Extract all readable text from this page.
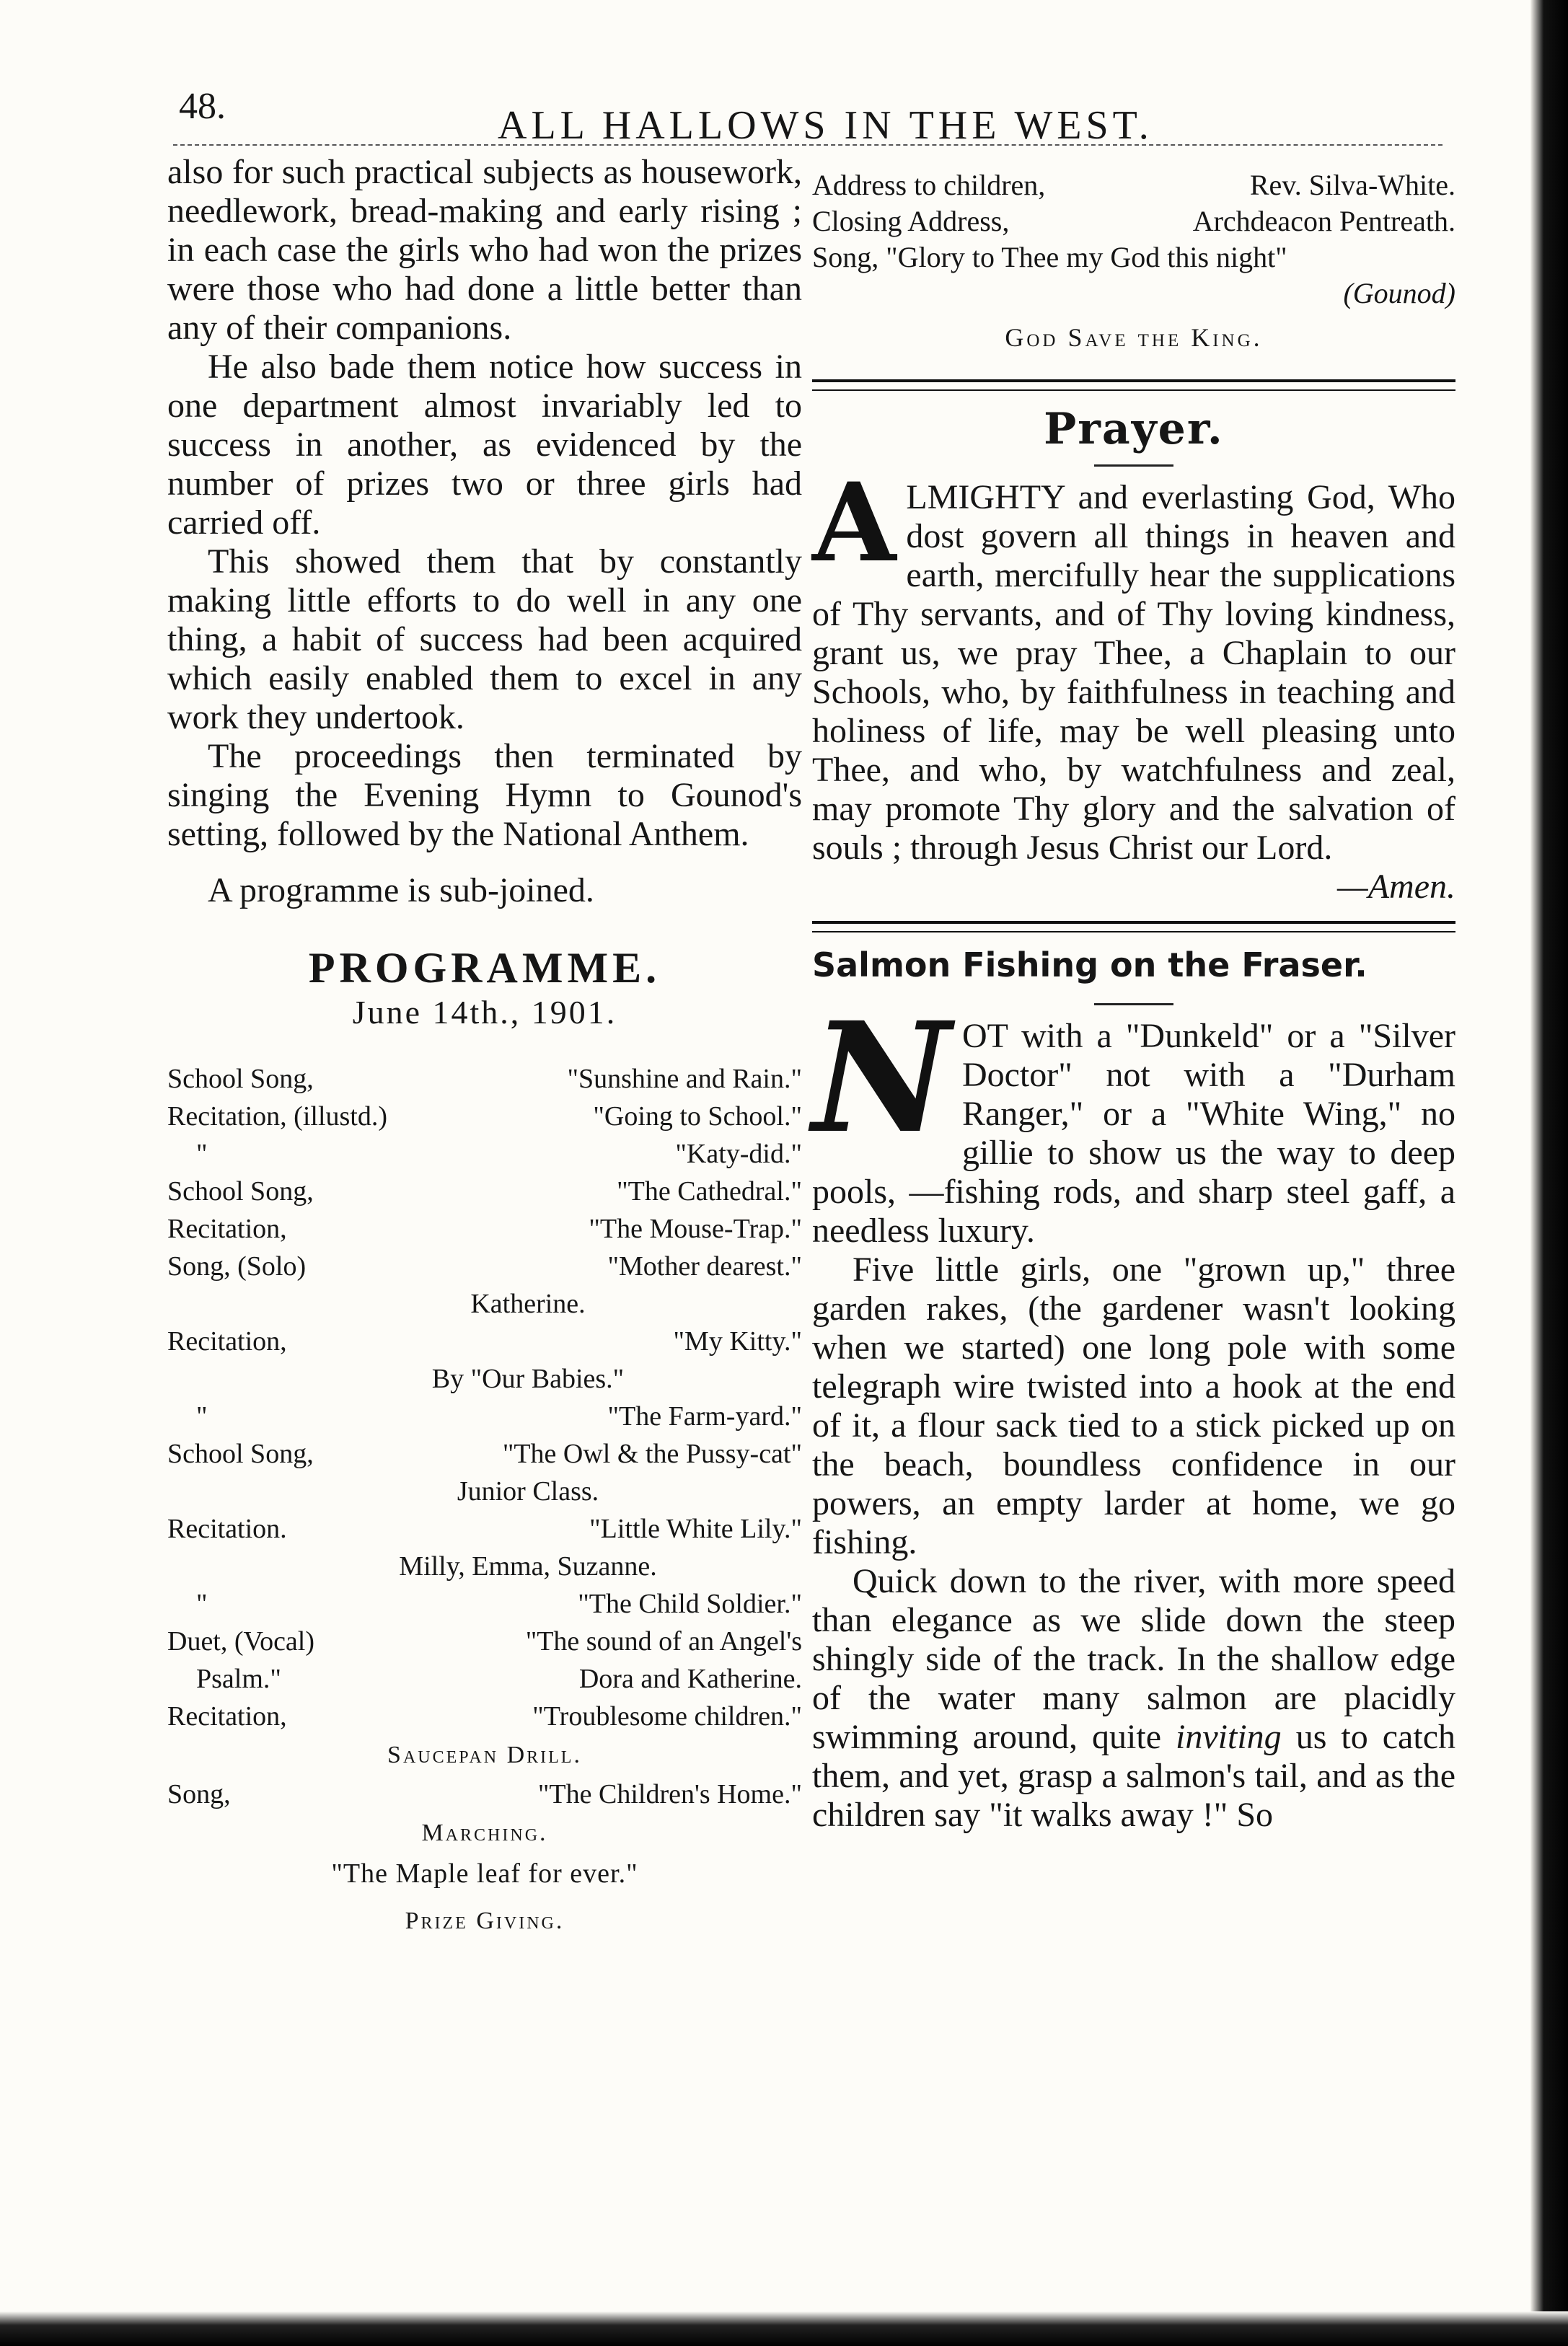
48.	ALL HALLOWS IN THE WEST.

also for such practical subjects as housework, needlework, bread-making and early rising ; in each case the girls who had won the prizes were those who had done a little better than any of their companions.

He also bade them notice how success in one department almost invariably led to success in another, as evidenced by the number of prizes two or three girls had carried off.

This showed them that by constantly making little efforts to do well in any one thing, a habit of success had been acquired which easily enabled them to excel in any work they undertook.

The proceedings then terminated by singing the Evening Hymn to Gounod's setting, followed by the National Anthem.

A programme is sub-joined.

PROGRAMME.
June 14th., 1901.
School Song,	"Sunshine and Rain."
Recitation, (illustd.)	"Going to School."
"	"Katy-did."
School Song,	"The Cathedral."
Recitation,	"The Mouse-Trap."
Song, (Solo)	"Mother dearest."
Katherine.
Recitation,	"My Kitty."
By "Our Babies."
"	"The Farm-yard."
School Song,	"The Owl & the Pussy-cat"
Junior Class.
Recitation.	"Little White Lily."
Milly, Emma, Suzanne.
"	"The Child Soldier."
Duet, (Vocal)	"The sound of an Angel's
Psalm."	Dora and Katherine.
Recitation,	"Troublesome children."
Saucepan Drill.
Song,	"The Children's Home."
Marching.
"The Maple leaf for ever."
Prize Giving.
Address to children,	Rev. Silva-White.
Closing Address,	Archdeacon Pentreath.
Song, "Glory to Thee my God this night"
(Gounod)
God Save the King.
Prayer.
A LMIGHTY and everlasting God, Who dost govern all things in heaven and earth, mercifully hear the supplications of Thy servants, and of Thy loving kindness, grant us, we pray Thee, a Chaplain to our Schools, who, by faithfulness in teaching and holiness of life, may be well pleasing unto Thee, and who, by watchfulness and zeal, may promote Thy glory and the salvation of souls ; through Jesus Christ our Lord.

—Amen.
Salmon Fishing on the Fraser.
N OT with a "Dunkeld" or a "Silver Doctor" not with a "Durham Ranger," or a "White Wing," no gillie to show us the way to deep pools, —fishing rods, and sharp steel gaff, a needless luxury.

Five little girls, one "grown up," three garden rakes, (the gardener wasn't looking when we started) one long pole with some telegraph wire twisted into a hook at the end of it, a flour sack tied to a stick picked up on the beach, boundless confidence in our powers, an empty larder at home, we go fishing.

Quick down to the river, with more speed than elegance as we slide down the steep shingly side of the track. In the shallow edge of the water many salmon are placidly swimming around, quite inviting us to catch them, and yet, grasp a salmon's tail, and as the children say "it walks away !" So
